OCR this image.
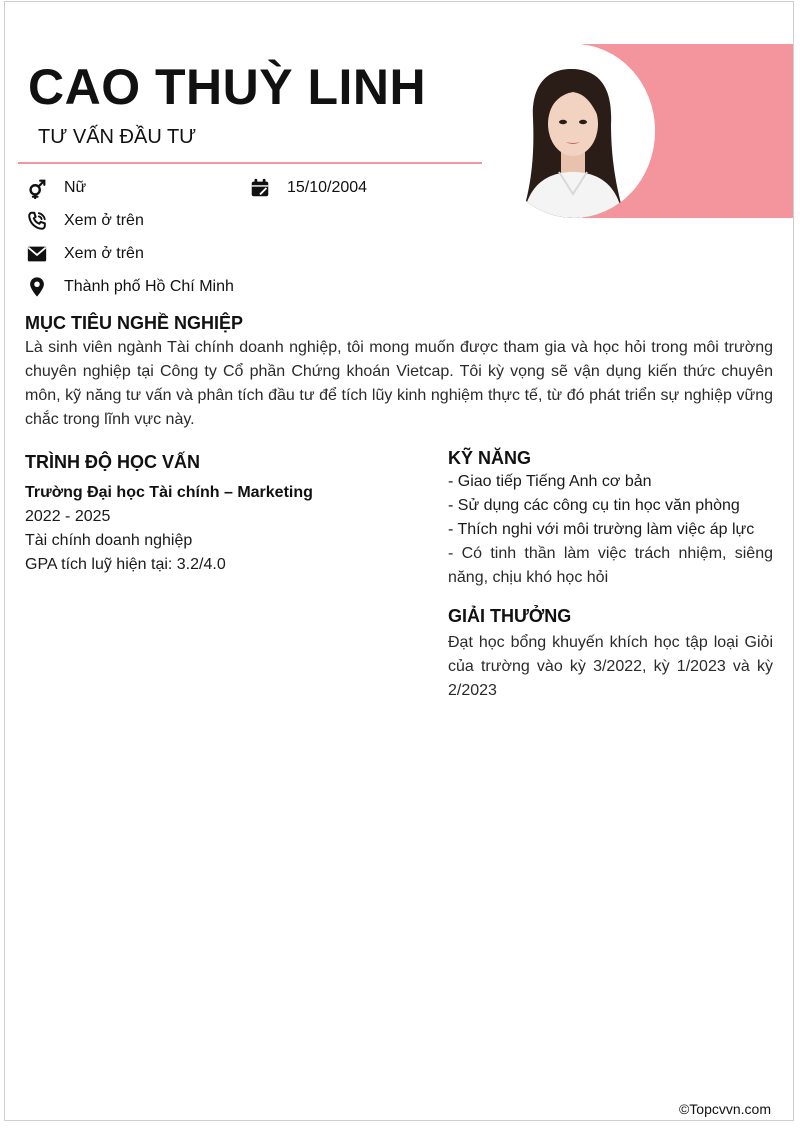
CAO THUỲ LINH
TƯ VẤN ĐẦU TƯ
Nữ	15/10/2004
Xem ở trên
Xem ở trên
Thành phố Hồ Chí Minh
MỤC TIÊU NGHỀ NGHIỆP

Là sinh viên ngành Tài chính doanh nghiệp, tôi mong muốn được tham gia và học hỏi trong môi trường chuyên nghiệp tại Công ty Cổ phần Chứng khoán Vietcap. Tôi kỳ vọng sẽ vận dụng kiến thức chuyên môn, kỹ năng tư vấn và phân tích đầu tư để tích lũy kinh nghiệm thực tế, từ đó phát triển sự nghiệp vững chắc trong lĩnh vực này.

TRÌNH ĐỘ HỌC VẤN
Trường Đại học Tài chính – Marketing
2022 - 2025
Tài chính doanh nghiệp
GPA tích luỹ hiện tại: 3.2/4.0
KỸ NĂNG
- Giao tiếp Tiếng Anh cơ bản
- Sử dụng các công cụ tin học văn phòng
- Thích nghi với môi trường làm việc áp lực

- Có tinh thần làm việc trách nhiệm, siêng năng, chịu khó học hỏi

GIẢI THƯỞNG

Đạt học bổng khuyến khích học tập loại Giỏi của trường vào kỳ 3/2022, kỳ 1/2023 và kỳ 2/2023

©Topcvvn.com
